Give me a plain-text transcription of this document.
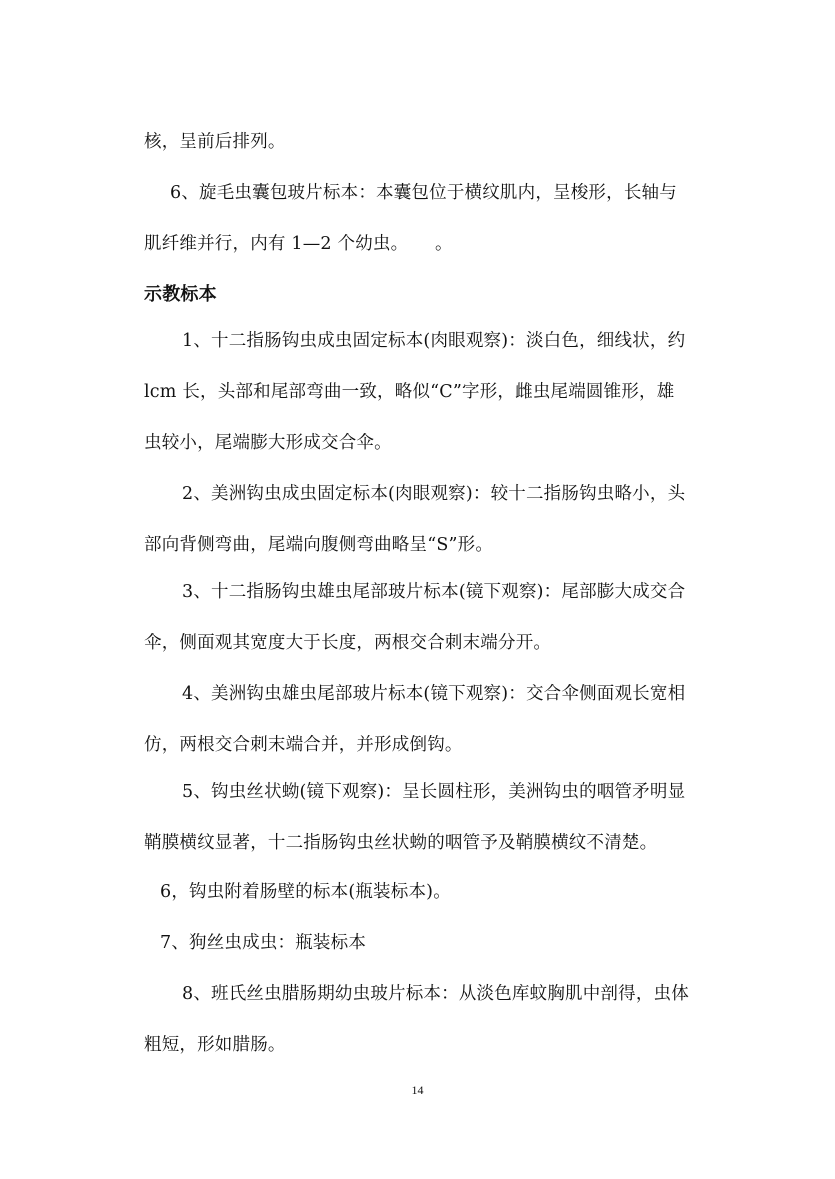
核，呈前后排列。
6、旋毛虫囊包玻片标本：本囊包位于横纹肌内，呈梭形，长轴与
肌纤维并行，内有 1—2 个幼虫。　　。
示教标本
1、十二指肠钩虫成虫固定标本(肉眼观察)：淡白色，细线状，约
lcm 长，头部和尾部弯曲一致，略似“C”字形，雌虫尾端圆锥形，雄
虫较小，尾端膨大形成交合伞。
2、美洲钩虫成虫固定标本(肉眼观察)：较十二指肠钩虫略小，头
部向背侧弯曲，尾端向腹侧弯曲略呈“S”形。
3、十二指肠钩虫雄虫尾部玻片标本(镜下观察)：尾部膨大成交合
伞，侧面观其宽度大于长度，两根交合刺末端分开。
4、美洲钩虫雄虫尾部玻片标本(镜下观察)：交合伞侧面观长宽相
仿，两根交合刺末端合并，并形成倒钩。
5、钩虫丝状蚴(镜下观察)：呈长圆柱形，美洲钩虫的咽管矛明显
鞘膜横纹显著，十二指肠钩虫丝状蚴的咽管予及鞘膜横纹不清楚。
6，钩虫附着肠壁的标本(瓶装标本)。
7、狗丝虫成虫：瓶装标本
8、班氏丝虫腊肠期幼虫玻片标本：从淡色库蚊胸肌中剖得，虫体
粗短，形如腊肠。
14
